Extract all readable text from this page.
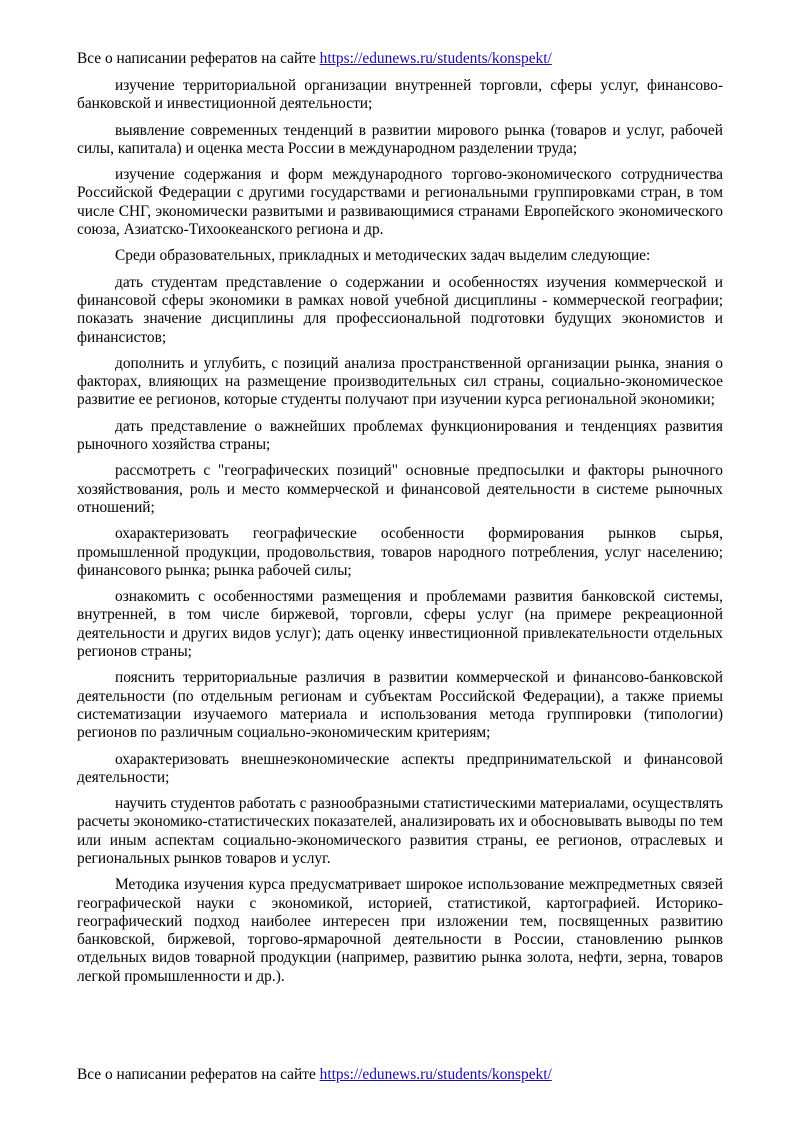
Все о написании рефератов на сайте https://edunews.ru/students/konspekt/

изучение территориальной организации внутренней торговли, сферы услуг, финансово-банковской и инвестиционной деятельности;

выявление современных тенденций в развитии мирового рынка (товаров и услуг, рабочей силы, капитала) и оценка места России в международном разделении труда;

изучение содержания и форм международного торгово-экономического сотрудничества Российской Федерации с другими государствами и региональными группировками стран, в том числе СНГ, экономически развитыми и развивающимися странами Европейского экономического союза, Азиатско-Тихоокеанского региона и др.

Среди образовательных, прикладных и методических задач выделим следующие:

дать студентам представление о содержании и особенностях изучения коммерческой и финансовой сферы экономики в рамках новой учебной дисциплины - коммерческой географии; показать значение дисциплины для профессиональной подготовки будущих экономистов и финансистов;

дополнить и углубить, с позиций анализа пространственной организации рынка, знания о факторах, влияющих на размещение производительных сил страны, социально-экономическое развитие ее регионов, которые студенты получают при изучении курса региональной экономики;

дать представление о важнейших проблемах функционирования и тенденциях развития рыночного хозяйства страны;

рассмотреть с "географических позиций" основные предпосылки и факторы рыночного хозяйствования, роль и место коммерческой и финансовой деятельности в системе рыночных отношений;

охарактеризовать географические особенности формирования рынков сырья, промышленной продукции, продовольствия, товаров народного потребления, услуг населению; финансового рынка; рынка рабочей силы;

ознакомить с особенностями размещения и проблемами развития банковской системы, внутренней, в том числе биржевой, торговли, сферы услуг (на примере рекреационной деятельности и других видов услуг); дать оценку инвестиционной привлекательности отдельных регионов страны;

пояснить территориальные различия в развитии коммерческой и финансово-банковской деятельности (по отдельным регионам и субъектам Российской Федерации), а также приемы систематизации изучаемого материала и использования метода группировки (типологии) регионов по различным социально-экономическим критериям;

охарактеризовать внешнеэкономические аспекты предпринимательской и финансовой деятельности;

научить студентов работать с разнообразными статистическими материалами, осуществлять расчеты экономико-статистических показателей, анализировать их и обосновывать выводы по тем или иным аспектам социально-экономического развития страны, ее регионов, отраслевых и региональных рынков товаров и услуг.

Методика изучения курса предусматривает широкое использование межпредметных связей географической науки с экономикой, историей, статистикой, картографией. Историко-географический подход наиболее интересен при изложении тем, посвященных развитию банковской, биржевой, торгово-ярмарочной деятельности в России, становлению рынков отдельных видов товарной продукции (например, развитию рынка золота, нефти, зерна, товаров легкой промышленности и др.).

Все о написании рефератов на сайте https://edunews.ru/students/konspekt/
